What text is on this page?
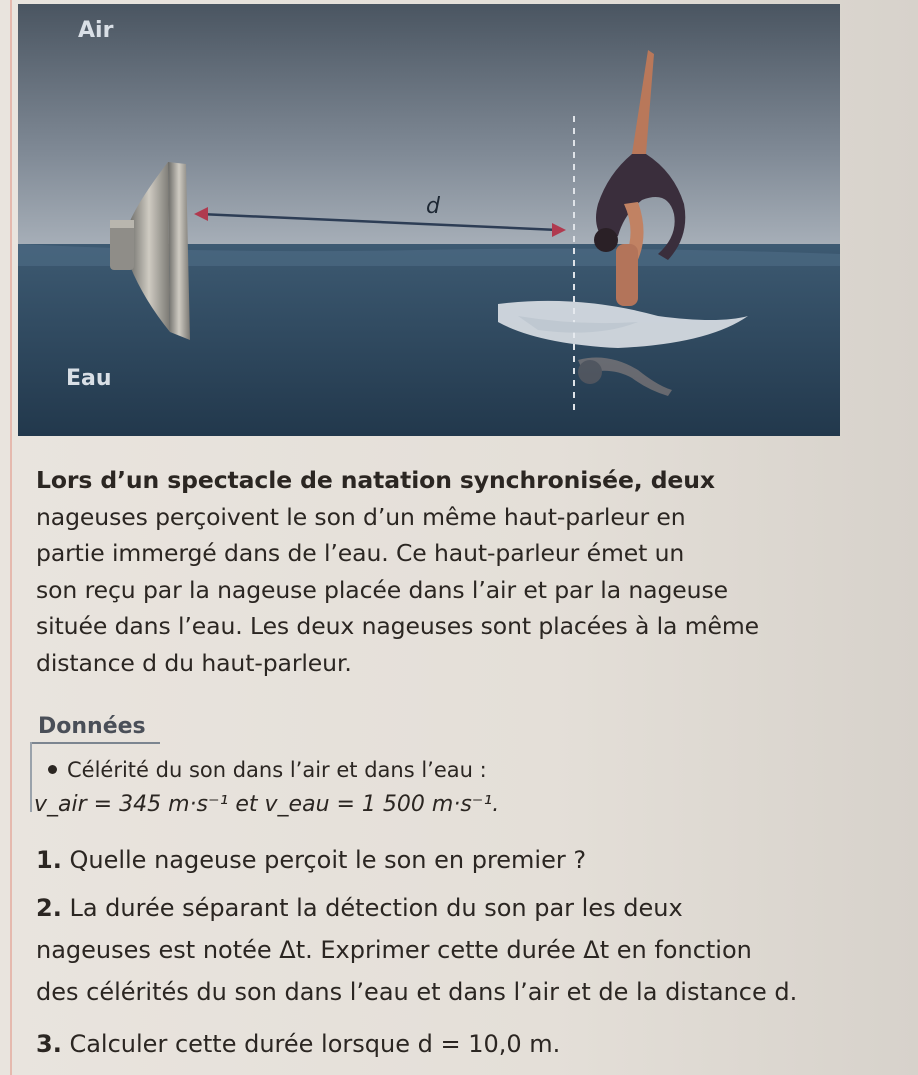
Air
Eau
d
Lors d’un spectacle de natation synchronisée, deux
nageuses perçoivent le son d’un même haut-parleur en
partie immergé dans de l’eau. Ce haut-parleur émet un
son reçu par la nageuse placée dans l’air et par la nageuse
située dans l’eau. Les deux nageuses sont placées à la même
distance d du haut-parleur.
Données
Célérité du son dans l’air et dans l’eau :
v_air = 345 m·s⁻¹ et v_eau = 1 500 m·s⁻¹.
1. Quelle nageuse perçoit le son en premier ?
2. La durée séparant la détection du son par les deux
nageuses est notée Δt. Exprimer cette durée Δt en fonction
des célérités du son dans l’eau et dans l’air et de la distance d.
3. Calculer cette durée lorsque d = 10,0 m.
